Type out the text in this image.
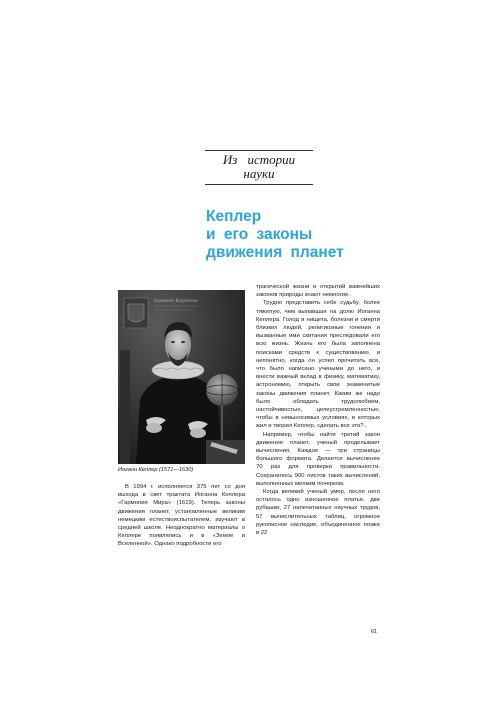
Из истории науки
Кеплер
и его законы
движения планет
Ioannes Keplerus
Иоганн Кеплер (1571—1630)

В 1994 г. исполняется 375 лет со дня выхода в свет трактата Иоганна Кеплера «Гармония Мира» (1619). Теперь законы движения планет, установленные великим немецким естествоиспытателем, изучают в средней школе. Неоднократно материалы о Кеплере появлялись и в «Земле и Вселенной». Однако подробности его

трагической жизни и открытий важнейших законов природы знают немногие.

Трудно представить себе судьбу, более тяжелую, чем выпавшая на долю Иоганна Кеплера. Голод и нищета, болезни и смерти близких людей, религиозные гонения и вызванные ими скитания преследовали его всю жизнь. Жизнь его была заполнена поисками средств к существованию, и непонятно, когда он успел прочитать все, что было написано учеными до него, и внести важный вклад в физику, математику, астрономию, открыть свои знаменитые законы движения планет. Каким же надо было обладать трудолюбием, настойчивостью, целеустремленностью, чтобы в невыносимых условиях, в которых жил и творил Кеплер, сделать все это?..

Например, чтобы найти третий закон движения планет, ученый проделывает вычисления. Каждое — три страницы большого формата. Делается вычисление 70 раз для проверки правильности. Сохранилось 900 листов таких вычислений, выполненных мелким почерком.

Когда великий ученый умер, после него осталось одно изношенное платье, две рубашки, 27 напечатанных научных трудов, 57 вычислительных таблиц, огромное рукописное наследие, объединенное позже в 22

61
